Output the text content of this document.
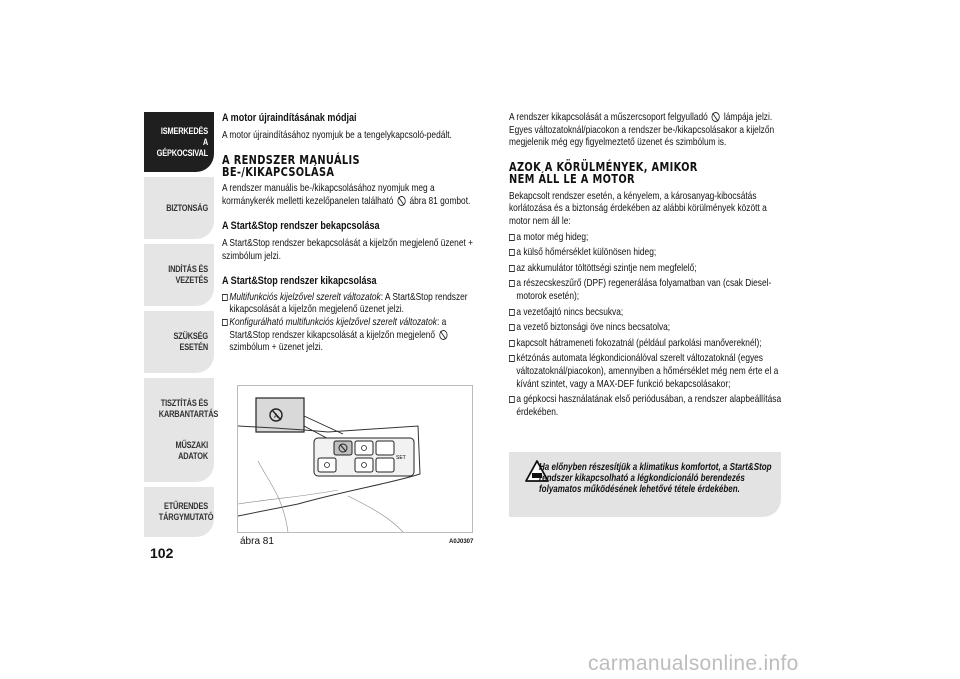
ISMERKEDÉS A GÉPKOCSIVAL
BIZTONSÁG
INDÍTÁS ÉS VEZETÉS
SZÜKSÉG ESETÉN
TISZTÍTÁS ÉS KARBANTARTÁS
MŰSZAKI ADATOK
ETŰRENDES TÁRGYMUTATÓ
102

A motor újraindításának módjai

A motor újraindításához nyomjuk be a tengelykapcsoló-pedált.

A RENDSZER MANUÁLIS

BE-/KIKAPCSOLÁSA

A rendszer manuális be-/kikapcsolásához nyomjuk meg a kormánykerék melletti kezelőpanelen található ábra 81 gombot.

A Start&Stop rendszer bekapcsolása

A Start&Stop rendszer bekapcsolását a kijelzőn megjelenő üzenet + szimbólum jelzi.

A Start&Stop rendszer kikapcsolása

Multifunkciós kijelzővel szerelt változatok: A Start&Stop rendszer kikapcsolását a kijelzőn megjelenő üzenet jelzi.

Konfigurálható multifunkciós kijelzővel szerelt változatok: a Start&Stop rendszer kikapcsolását a kijelzőn megjelenő  szimbólum + üzenet jelzi.

A
SET
ábra 81	A0J0307

A rendszer kikapcsolását a műszercsoport felgyulladó lámpája jelzi. Egyes változatoknál/piacokon a rendszer be-/kikapcsolásakor a kijelzőn megjelenik még egy figyelmeztető üzenet és szimbólum is.

AZOK A KÖRÜLMÉNYEK, AMIKOR

NEM ÁLL LE A MOTOR

Bekapcsolt rendszer esetén, a kényelem, a károsanyag-kibocsátás korlátozása és a biztonság érdekében az alábbi körülmények között a motor nem áll le:

a motor még hideg;

a külső hőmérséklet különösen hideg;

az akkumulátor töltöttségi szintje nem megfelelő;

a részecskeszűrő (DPF) regenerálása folyamatban van (csak Diesel-motorok esetén);

a vezetőajtó nincs becsukva;

a vezető biztonsági öve nincs becsatolva;

kapcsolt hátrameneti fokozatnál (például parkolási manővereknél);

kétzónás automata légkondicionálóval szerelt változatoknál (egyes változatoknál/piacokon), amennyiben a hőmérséklet még nem érte el a kívánt szintet, vagy a MAX-DEF funkció bekapcsolásakor;

a gépkocsi használatának első periódusában, a rendszer alapbeállítása érdekében.

Ha előnyben részesítjük a klimatikus komfortot, a Start&Stop rendszer kikapcsolható a légkondicionáló berendezés folyamatos működésének lehetővé tétele érdekében.
carmanualsonline.info
